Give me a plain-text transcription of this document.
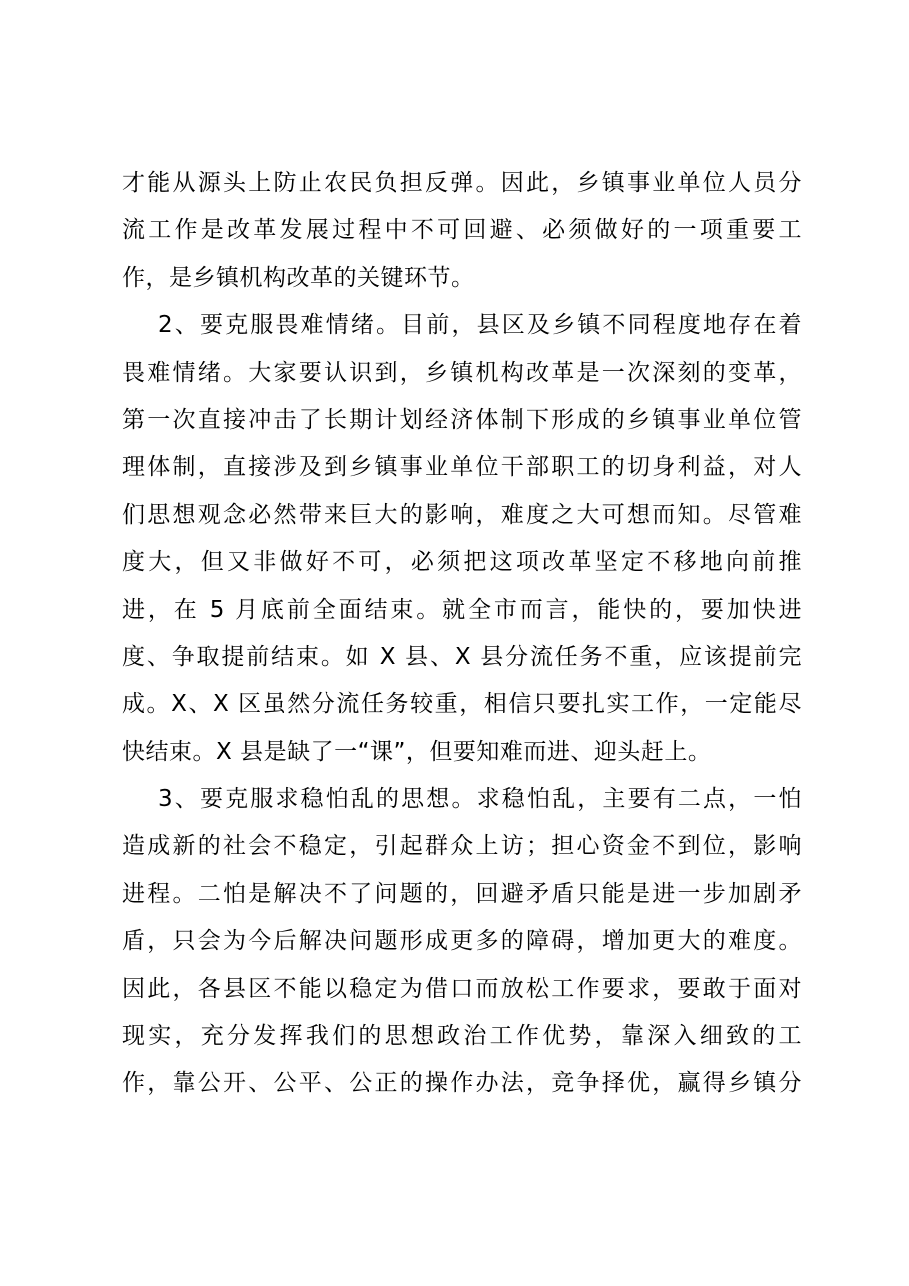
才能从源头上防止农民负担反弹。因此，乡镇事业单位人员分
流工作是改革发展过程中不可回避、必须做好的一项重要工
作，是乡镇机构改革的关键环节。
2、要克服畏难情绪。目前，县区及乡镇不同程度地存在着
畏难情绪。大家要认识到，乡镇机构改革是一次深刻的变革，
第一次直接冲击了长期计划经济体制下形成的乡镇事业单位管
理体制，直接涉及到乡镇事业单位干部职工的切身利益，对人
们思想观念必然带来巨大的影响，难度之大可想而知。尽管难
度大，但又非做好不可，必须把这项改革坚定不移地向前推
进，在 5 月底前全面结束。就全市而言，能快的，要加快进
度、争取提前结束。如 X 县、X 县分流任务不重，应该提前完
成。X、X 区虽然分流任务较重，相信只要扎实工作，一定能尽
快结束。X 县是缺了一“课”，但要知难而进、迎头赶上。
3、要克服求稳怕乱的思想。求稳怕乱，主要有二点，一怕
造成新的社会不稳定，引起群众上访；担心资金不到位，影响
进程。二怕是解决不了问题的，回避矛盾只能是进一步加剧矛
盾，只会为今后解决问题形成更多的障碍，增加更大的难度。
因此，各县区不能以稳定为借口而放松工作要求，要敢于面对
现实，充分发挥我们的思想政治工作优势，靠深入细致的工
作，靠公开、公平、公正的操作办法，竞争择优，赢得乡镇分
